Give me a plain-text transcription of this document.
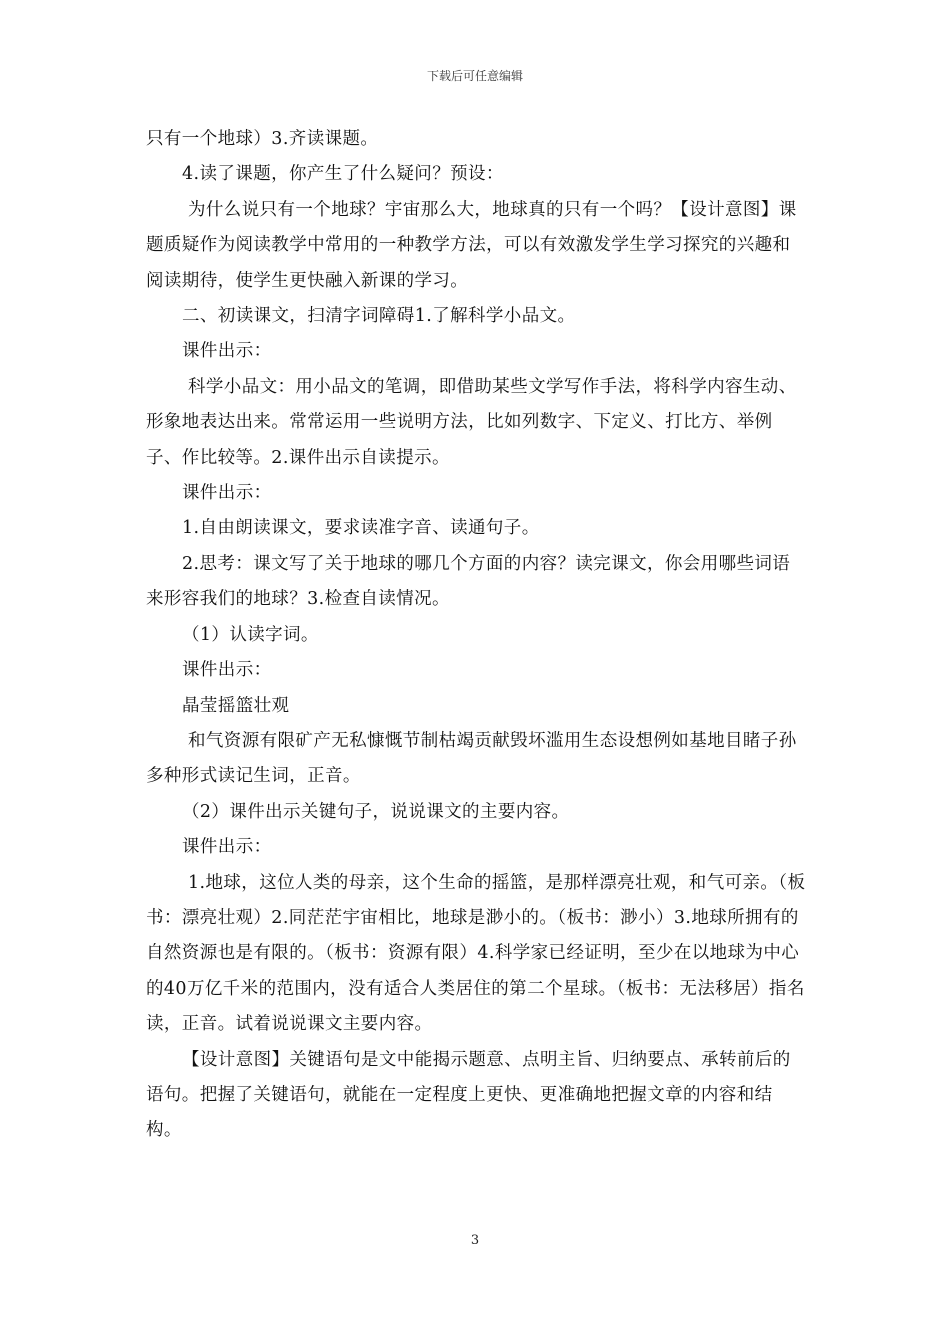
下载后可任意编辑

只有一个地球）3.齐读课题。

4.读了课题，你产生了什么疑问？预设：

为什么说只有一个地球？宇宙那么大，地球真的只有一个吗？【设计意图】课题质疑作为阅读教学中常用的一种教学方法，可以有效激发学生学习探究的兴趣和阅读期待，使学生更快融入新课的学习。

二、初读课文，扫清字词障碍1.了解科学小品文。

课件出示：

科学小品文：用小品文的笔调，即借助某些文学写作手法，将科学内容生动、形象地表达出来。常常运用一些说明方法，比如列数字、下定义、打比方、举例子、作比较等。2.课件出示自读提示。

课件出示：

1.自由朗读课文，要求读准字音、读通句子。

2.思考：课文写了关于地球的哪几个方面的内容？读完课文，你会用哪些词语来形容我们的地球？3.检查自读情况。

（1）认读字词。

课件出示：

晶莹摇篮壮观

和气资源有限矿产无私慷慨节制枯竭贡献毁坏滥用生态设想例如基地目睹子孙多种形式读记生词，正音。

（2）课件出示关键句子，说说课文的主要内容。

课件出示：

1.地球，这位人类的母亲，这个生命的摇篮，是那样漂亮壮观，和气可亲。（板书：漂亮壮观）2.同茫茫宇宙相比，地球是渺小的。（板书：渺小）3.地球所拥有的自然资源也是有限的。（板书：资源有限）4.科学家已经证明，至少在以地球为中心的40万亿千米的范围内，没有适合人类居住的第二个星球。（板书：无法移居）指名读，正音。试着说说课文主要内容。

【设计意图】关键语句是文中能揭示题意、点明主旨、归纳要点、承转前后的语句。把握了关键语句，就能在一定程度上更快、更准确地把握文章的内容和结构。

3
